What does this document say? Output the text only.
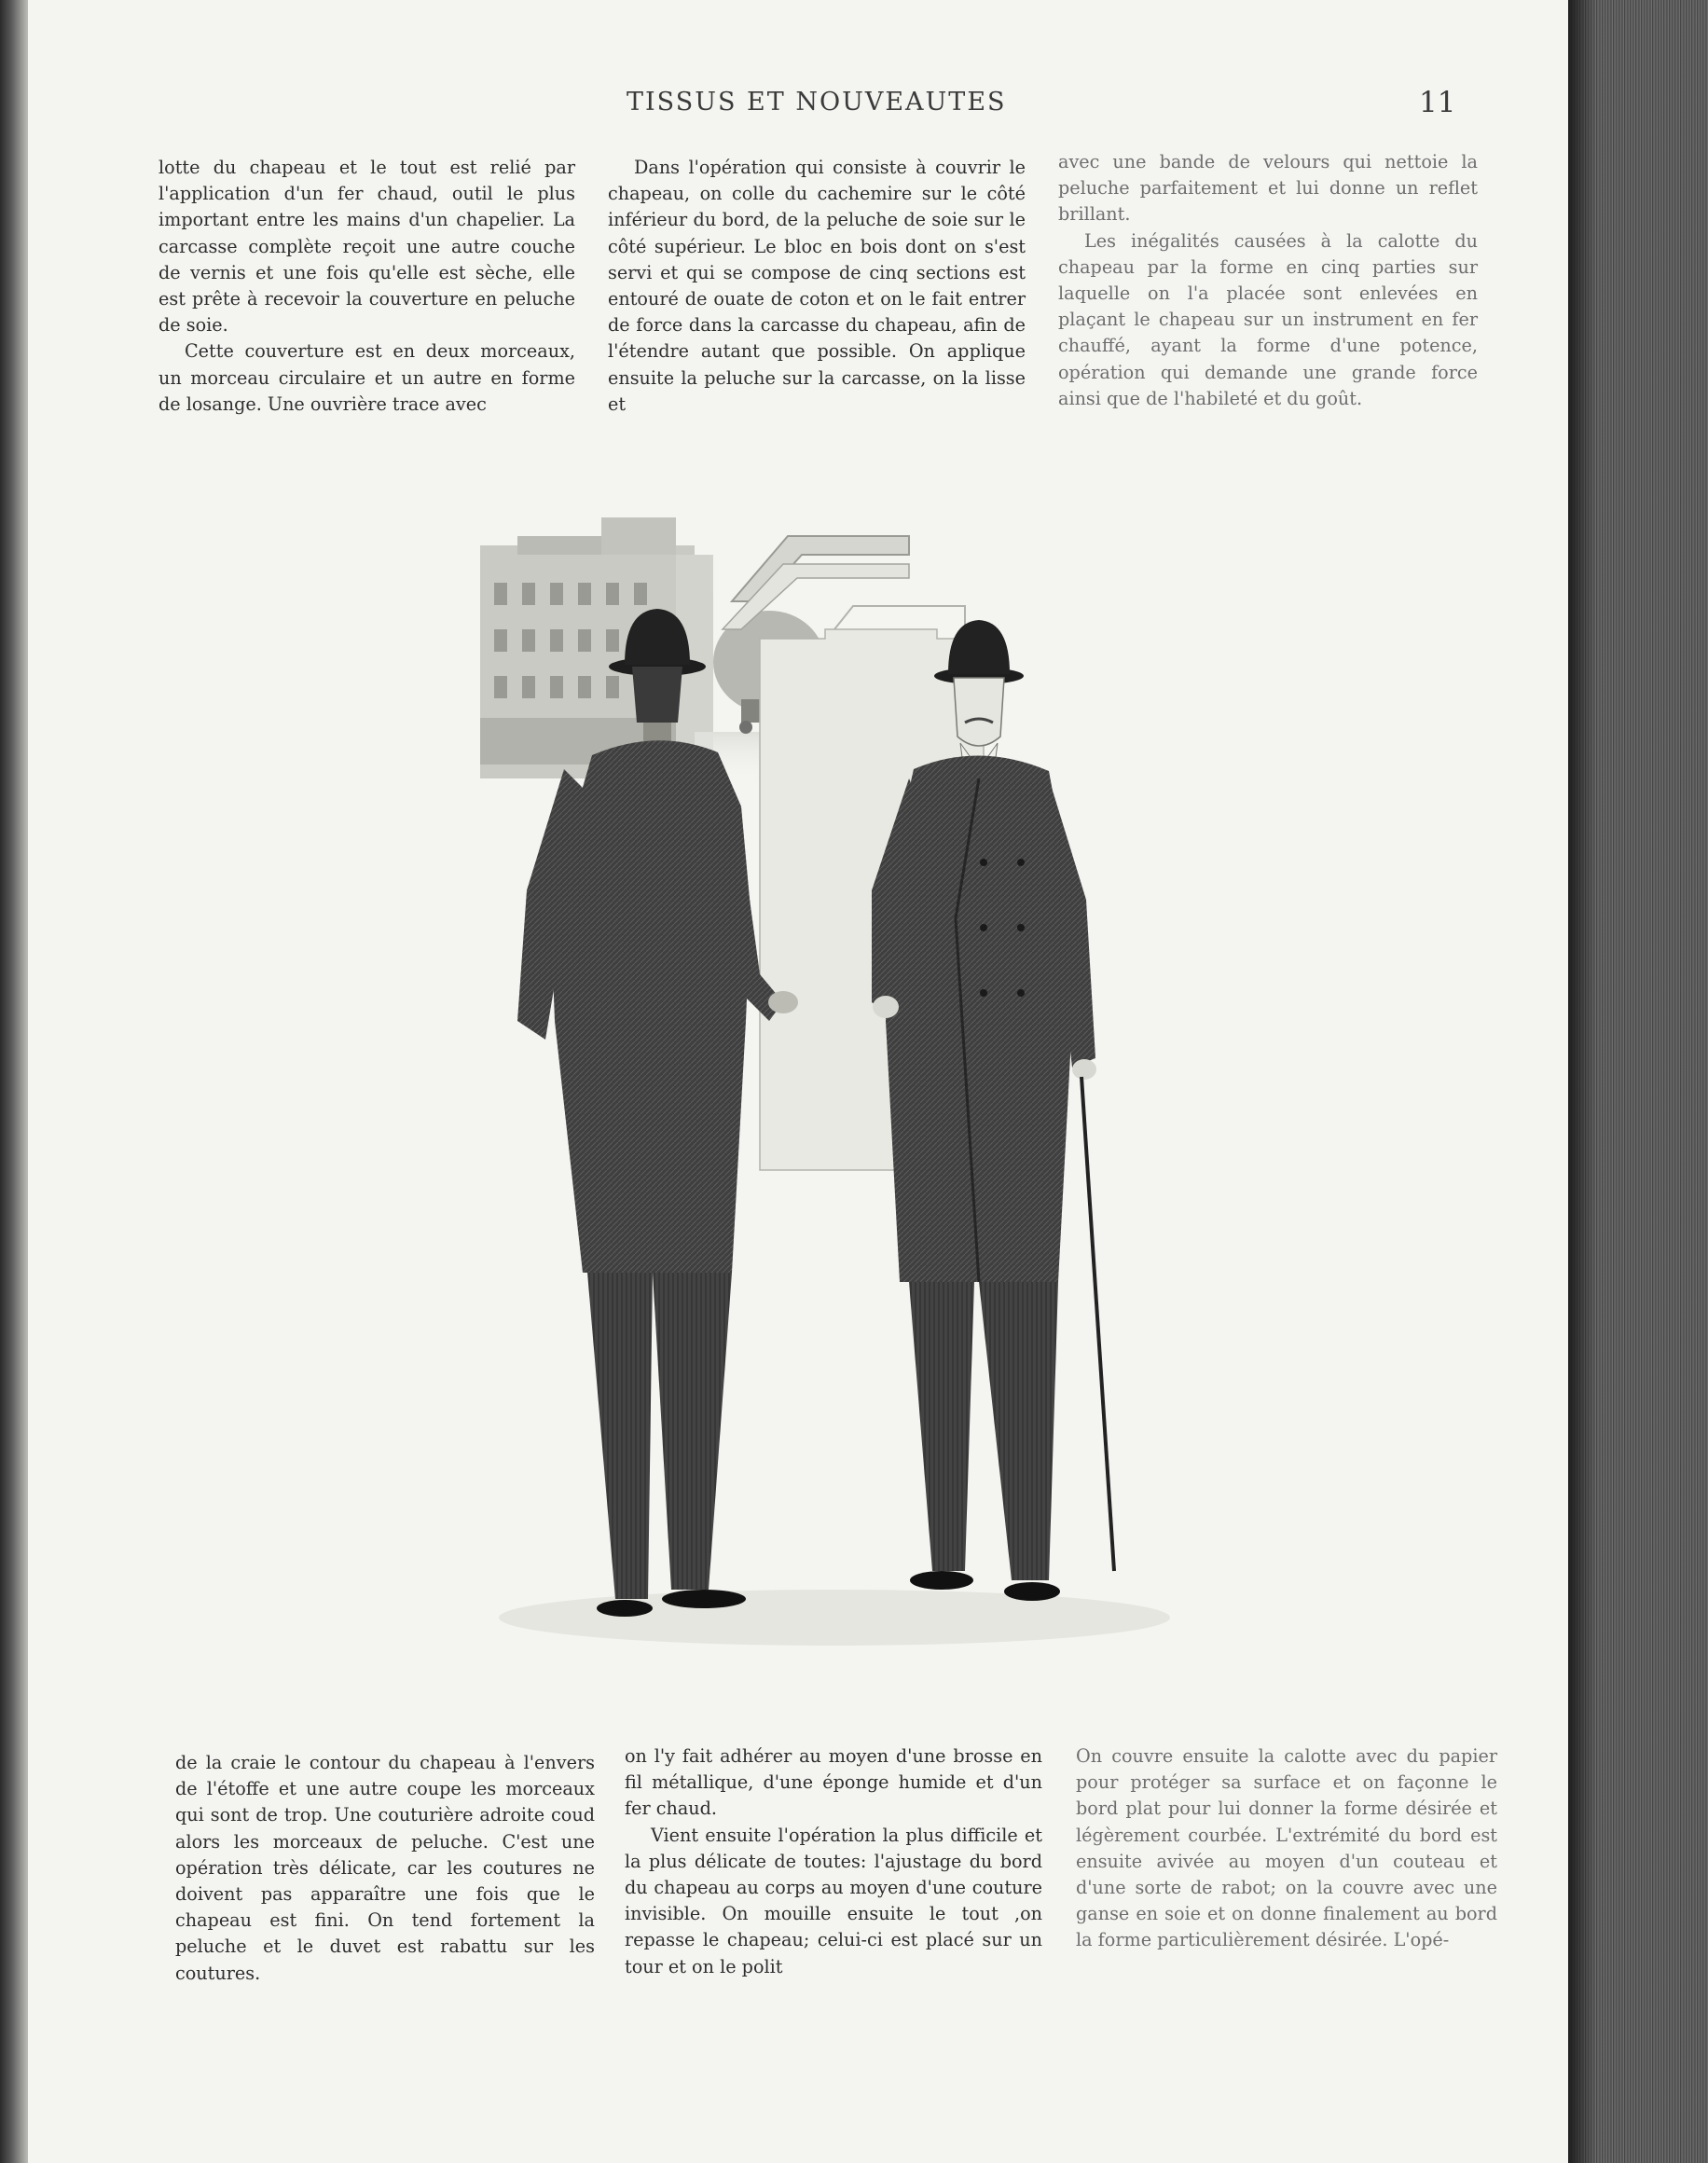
TISSUS ET NOUVEAUTES	11

lotte du chapeau et le tout est relié par l'application d'un fer chaud, outil le plus important entre les mains d'un chapelier. La carcasse complète reçoit une autre couche de vernis et une fois qu'elle est sèche, elle est prête à recevoir la couverture en peluche de soie.

Cette couverture est en deux morceaux, un morceau circulaire et un autre en forme de losange. Une ouvrière trace avec

Dans l'opération qui consiste à couvrir le chapeau, on colle du cachemire sur le côté inférieur du bord, de la peluche de soie sur le côté supérieur. Le bloc en bois dont on s'est servi et qui se compose de cinq sections est entouré de ouate de coton et on le fait entrer de force dans la carcasse du chapeau, afin de l'étendre autant que possible. On applique ensuite la peluche sur la carcasse, on la lisse et

avec une bande de velours qui nettoie la peluche parfaitement et lui donne un reflet brillant.

Les inégalités causées à la calotte du chapeau par la forme en cinq parties sur laquelle on l'a placée sont enlevées en plaçant le chapeau sur un instrument en fer chauffé, ayant la forme d'une potence, opération qui demande une grande force ainsi que de l'habileté et du goût.

de la craie le contour du chapeau à l'envers de l'étoffe et une autre coupe les morceaux qui sont de trop. Une couturière adroite coud alors les morceaux de peluche. C'est une opération très délicate, car les coutures ne doivent pas apparaître une fois que le chapeau est fini. On tend fortement la peluche et le duvet est rabattu sur les coutures.

on l'y fait adhérer au moyen d'une brosse en fil métallique, d'une éponge humide et d'un fer chaud.

Vient ensuite l'opération la plus difficile et la plus délicate de toutes: l'ajustage du bord du chapeau au corps au moyen d'une couture invisible. On mouille ensuite le tout ,on repasse le chapeau; celui-ci est placé sur un tour et on le polit

On couvre ensuite la calotte avec du papier pour protéger sa surface et on façonne le bord plat pour lui donner la forme désirée et légèrement courbée. L'extrémité du bord est ensuite avivée au moyen d'un couteau et d'une sorte de rabot; on la couvre avec une ganse en soie et on donne finalement au bord la forme particulièrement désirée. L'opé-
